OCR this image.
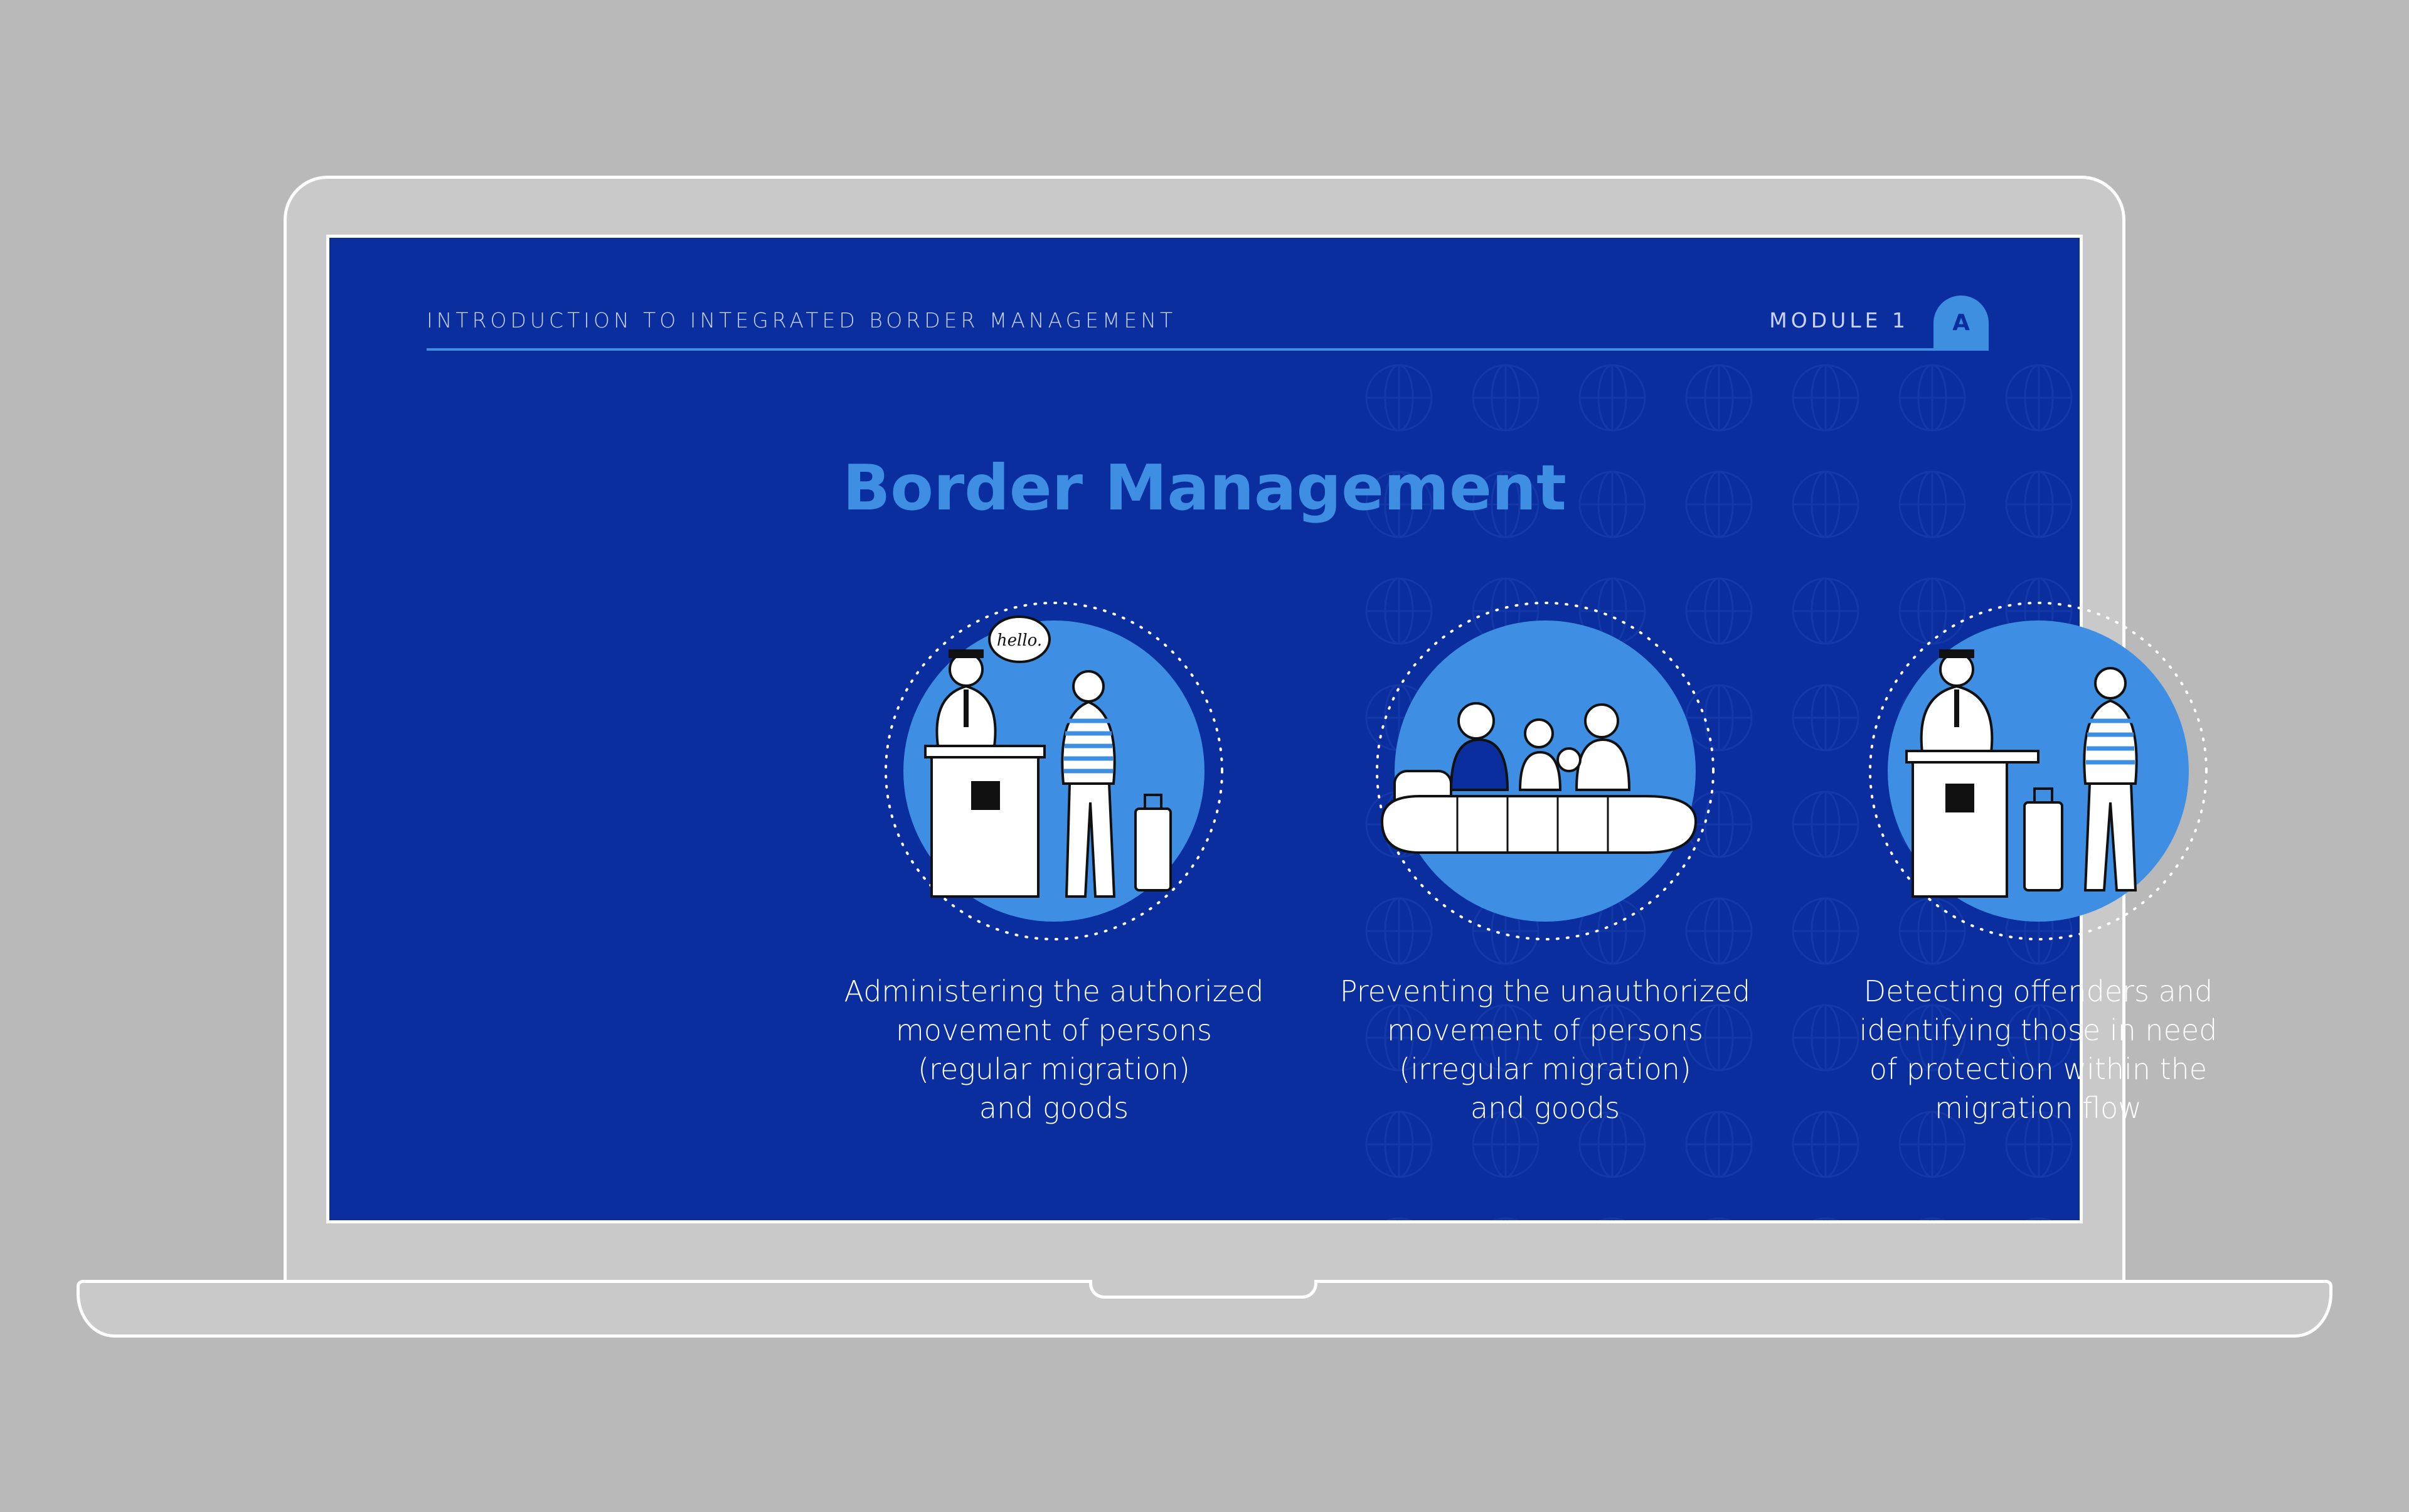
INTRODUCTION TO INTEGRATED BORDER MANAGEMENT	MODULE 1	A
Border Management
hello.
Administering the authorized
movement of persons
(regular migration)
and goods
Preventing the unauthorized
movement of persons
(irregular migration)
and goods
Detecting offenders and
identifying those in need
of protection within the
migration flow
